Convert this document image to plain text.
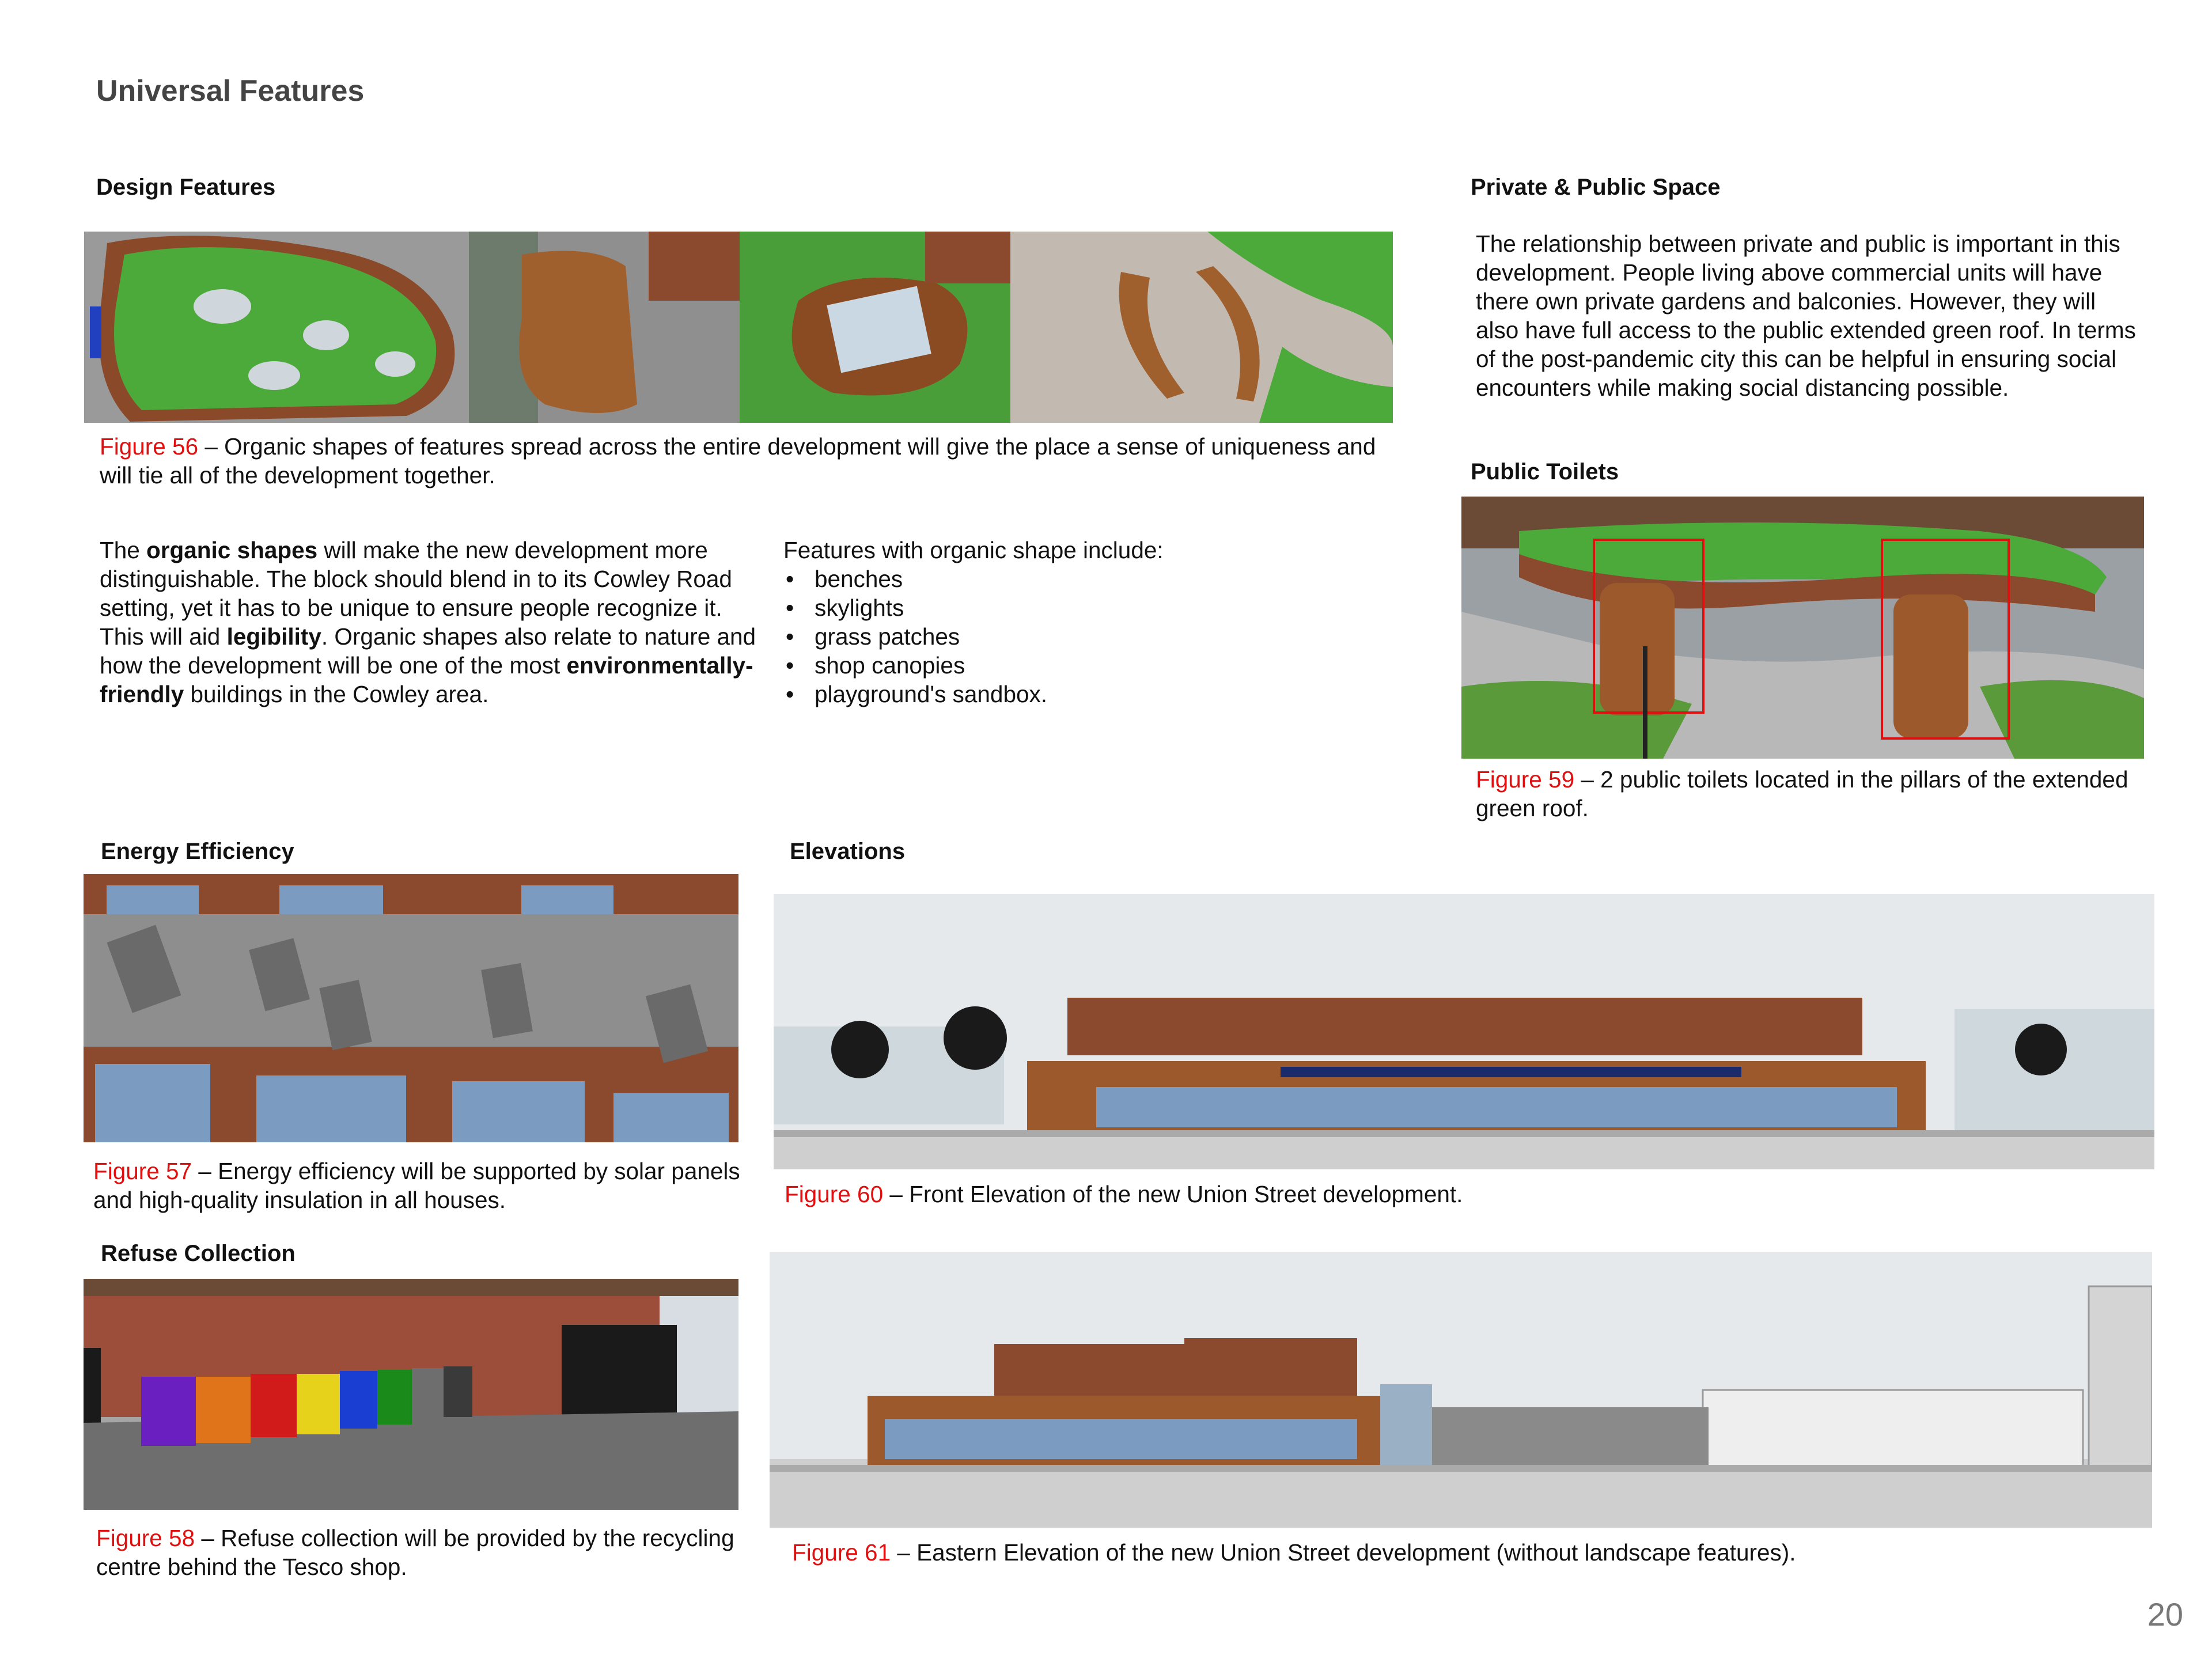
Universal Features
Design Features
Figure 56 – Organic shapes of features spread across the entire development will give the place a sense of uniqueness and will tie all of the development together.
The organic shapes will make the new development more distinguishable. The block should blend in to its Cowley Road setting, yet it has to be unique to ensure people recognize it. This will aid legibility. Organic shapes also relate to nature and how the development will be one of the most environmentally-friendly buildings in the Cowley area.
Features with organic shape include:
• benches
• skylights
• grass patches
• shop canopies
• playground's sandbox.
Private & Public Space
The relationship between private and public is important in this development. People living above commercial units will have there own private gardens and balconies. However, they will also have full access to the public extended green roof. In terms of the post-pandemic city this can be helpful in ensuring social encounters while making social distancing possible.
Public Toilets
Figure 59 – 2 public toilets located in the pillars of the extended green roof.
Energy Efficiency
Figure 57 – Energy efficiency will be supported by solar panels and high-quality insulation in all houses.
Refuse Collection
Figure 58 – Refuse collection will be provided by the recycling centre behind the Tesco shop.
Elevations
Figure 60 – Front Elevation of the new Union Street development.
Figure 61 – Eastern Elevation of the new Union Street development (without landscape features).
20
